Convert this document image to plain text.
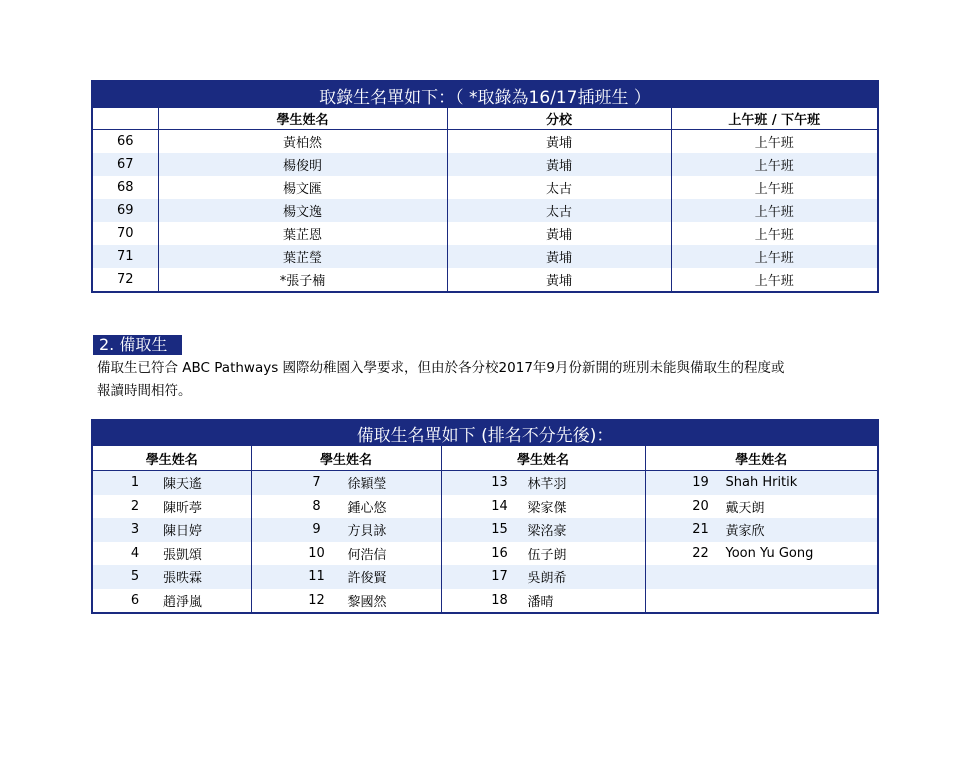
取錄生名單如下：（ *取錄為16/17插班生 ）			
	學生姓名	分校	上午班 / 下午班
66	黃柏然	黃埔	上午班
67	楊俊明	黃埔	上午班
68	楊文匯	太古	上午班
69	楊文逸	太古	上午班
70	葉芷恩	黃埔	上午班
71	葉芷瑩	黃埔	上午班
72	*張子楠	黃埔	上午班
2. 備取生
備取生已符合 ABC Pathways 國際幼稚園入學要求，但由於各分校2017年9月份新開的班別未能與備取生的程度或
報讀時間相符。
備取生名單如下 (排名不分先後)：			
學生姓名	學生姓名	學生姓名	學生姓名

1 陳天遙	7 徐穎瑩	13 林芊羽	19 Shah Hritik

2 陳昕葶	8 鍾心悠	14 梁家傑	20 戴天朗

3 陳日婷	9 方貝詠	15 梁洺豪	21 黃家欣

4 張凱頌	10 何浩信	16 伍子朗	22 Yoon Yu Gong

5 張昳霖	11 許俊賢	17 吳朗希	

6 趙淨嵐	12 黎國然	18 潘晴	
